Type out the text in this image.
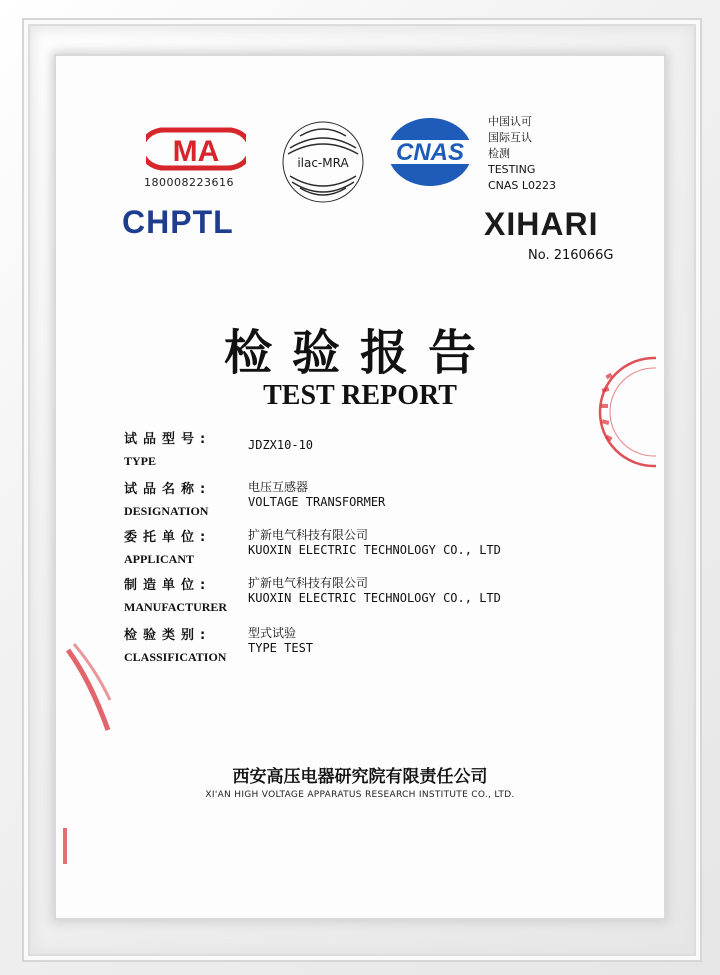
MA
180008223616
ilac-MRA CNAS
中国认可
国际互认
检测
TESTING
CNAS L0223
CHPTL	XIHARI
No. 216066G
检验报告
TEST REPORT
试品型号:
TYPE
JDZX10-10
试品名称:
DESIGNATION
电压互感器
VOLTAGE TRANSFORMER
委托单位:
APPLICANT
扩新电气科技有限公司
KUOXIN ELECTRIC TECHNOLOGY CO., LTD
制造单位:
MANUFACTURER
扩新电气科技有限公司
KUOXIN ELECTRIC TECHNOLOGY CO., LTD
检验类别:
CLASSIFICATION
型式试验
TYPE TEST
西安高压电器研究院有限责任公司
XI'AN HIGH VOLTAGE APPARATUS RESEARCH INSTITUTE CO., LTD.
